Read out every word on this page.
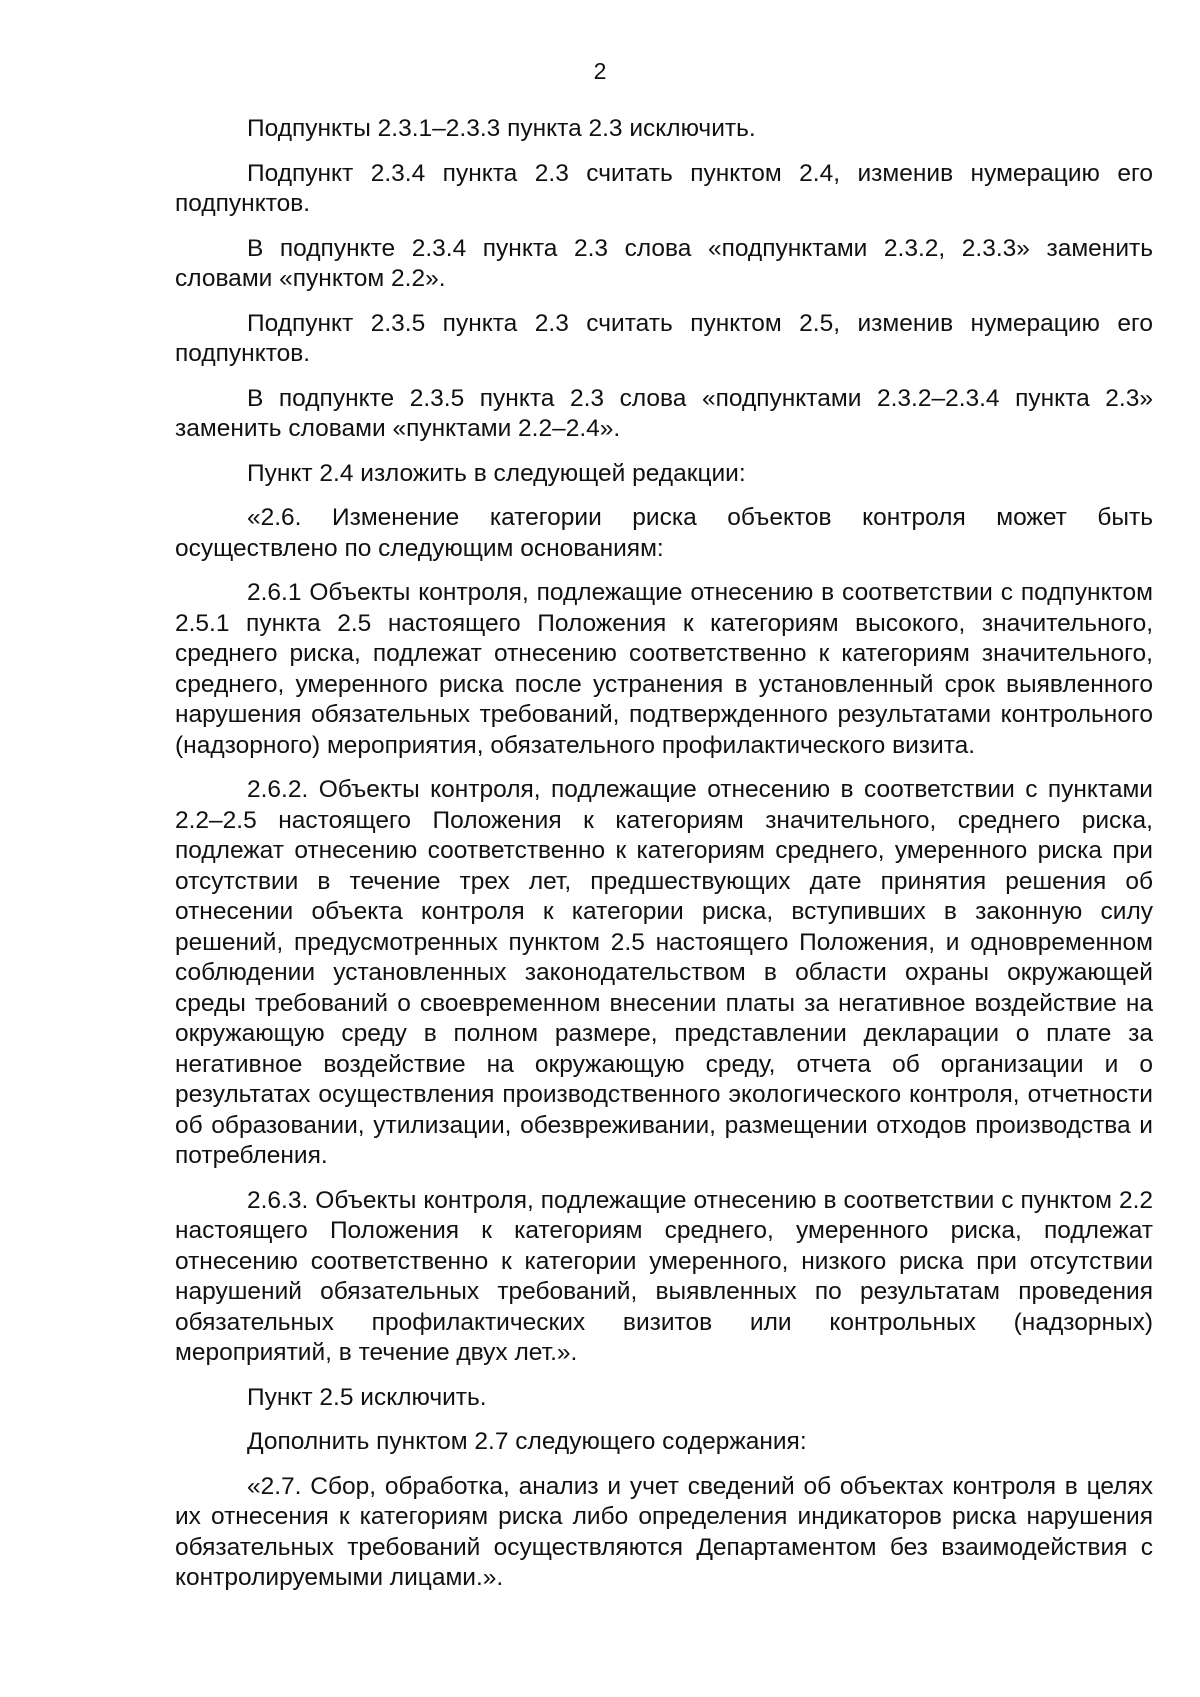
2

Подпункты 2.3.1–2.3.3 пункта 2.3 исключить.

Подпункт 2.3.4 пункта 2.3 считать пунктом 2.4, изменив нумерацию его подпунктов.

В подпункте 2.3.4 пункта 2.3 слова «подпунктами 2.3.2, 2.3.3» заменить словами «пунктом 2.2».

Подпункт 2.3.5 пункта 2.3 считать пунктом 2.5, изменив нумерацию его подпунктов.

В подпункте 2.3.5 пункта 2.3 слова «подпунктами 2.3.2–2.3.4 пункта 2.3» заменить словами «пунктами 2.2–2.4».

Пункт 2.4 изложить в следующей редакции:

«2.6. Изменение категории риска объектов контроля может быть осуществлено по следующим основаниям:

2.6.1 Объекты контроля, подлежащие отнесению в соответствии с подпунктом 2.5.1 пункта 2.5 настоящего Положения к категориям высокого, значительного, среднего риска, подлежат отнесению соответственно к категориям значительного, среднего, умеренного риска после устранения в установленный срок выявленного нарушения обязательных требований, подтвержденного результатами контрольного (надзорного) мероприятия, обязательного профилактического визита.

2.6.2. Объекты контроля, подлежащие отнесению в соответствии с пунктами 2.2–2.5 настоящего Положения к категориям значительного, среднего риска, подлежат отнесению соответственно к категориям среднего, умеренного риска при отсутствии в течение трех лет, предшествующих дате принятия решения об отнесении объекта контроля к категории риска, вступивших в законную силу решений, предусмотренных пунктом 2.5 настоящего Положения, и одновременном соблюдении установленных законодательством в области охраны окружающей среды требований о своевременном внесении платы за негативное воздействие на окружающую среду в полном размере, представлении декларации о плате за негативное воздействие на окружающую среду, отчета об организации и о результатах осуществления производственного экологического контроля, отчетности об образовании, утилизации, обезвреживании, размещении отходов производства и потребления.

2.6.3. Объекты контроля, подлежащие отнесению в соответствии с пунктом 2.2 настоящего Положения к категориям среднего, умеренного риска, подлежат отнесению соответственно к категории умеренного, низкого риска при отсутствии нарушений обязательных требований, выявленных по результатам проведения обязательных профилактических визитов или контрольных (надзорных) мероприятий, в течение двух лет.».

Пункт 2.5 исключить.

Дополнить пунктом 2.7 следующего содержания:

«2.7. Сбор, обработка, анализ и учет сведений об объектах контроля в целях их отнесения к категориям риска либо определения индикаторов риска нарушения обязательных требований осуществляются Департаментом без взаимодействия с контролируемыми лицами.».
